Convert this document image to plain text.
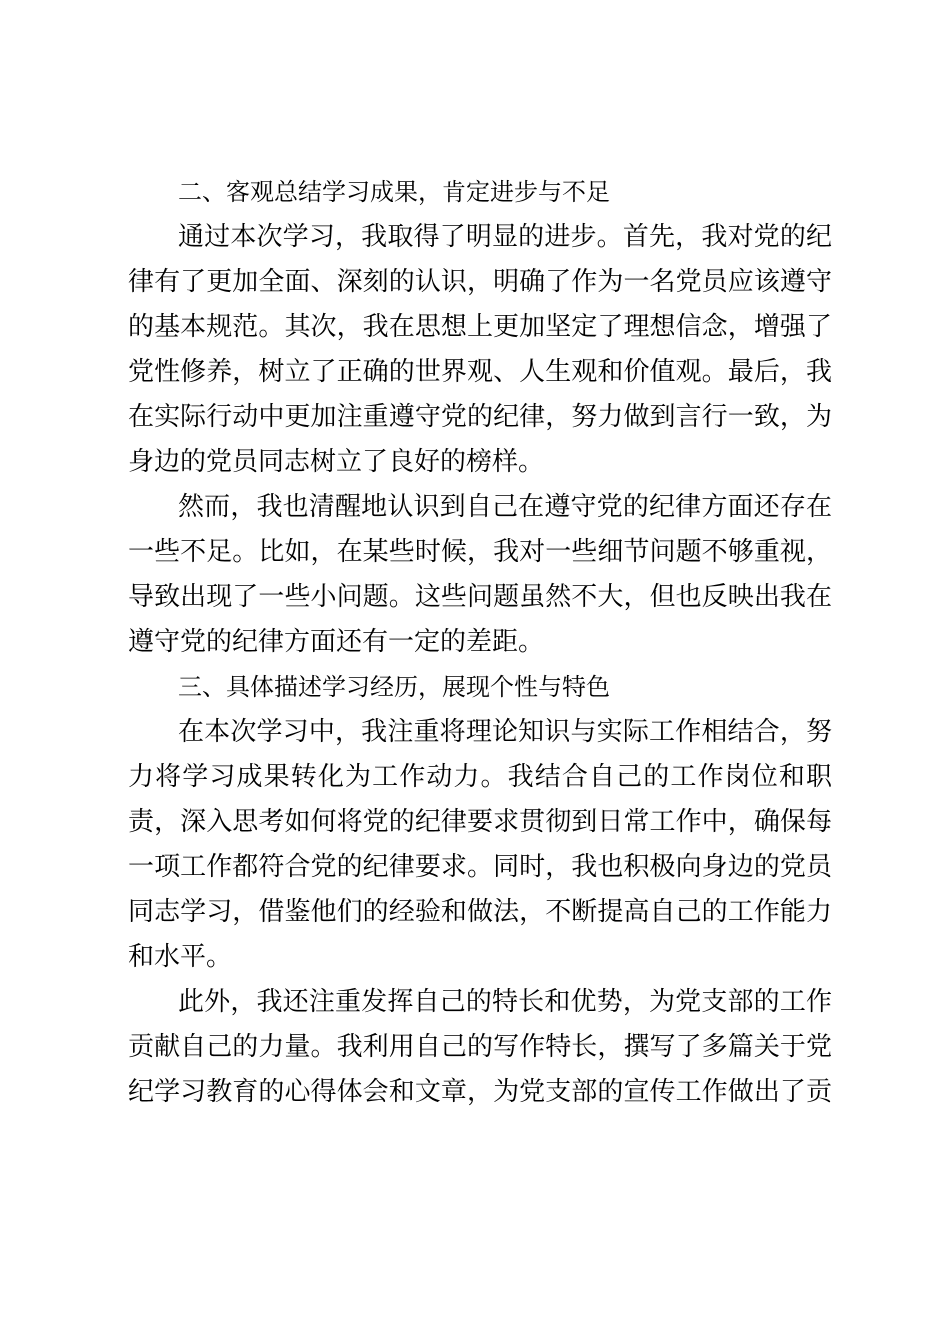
二、客观总结学习成果，肯定进步与不足
通过本次学习，我取得了明显的进步。首先，我对党的纪
律有了更加全面、深刻的认识，明确了作为一名党员应该遵守
的基本规范。其次，我在思想上更加坚定了理想信念，增强了
党性修养，树立了正确的世界观、人生观和价值观。最后，我
在实际行动中更加注重遵守党的纪律，努力做到言行一致，为
身边的党员同志树立了良好的榜样。
然而，我也清醒地认识到自己在遵守党的纪律方面还存在
一些不足。比如，在某些时候，我对一些细节问题不够重视，
导致出现了一些小问题。这些问题虽然不大，但也反映出我在
遵守党的纪律方面还有一定的差距。
三、具体描述学习经历，展现个性与特色
在本次学习中，我注重将理论知识与实际工作相结合，努
力将学习成果转化为工作动力。我结合自己的工作岗位和职
责，深入思考如何将党的纪律要求贯彻到日常工作中，确保每
一项工作都符合党的纪律要求。同时，我也积极向身边的党员
同志学习，借鉴他们的经验和做法，不断提高自己的工作能力
和水平。
此外，我还注重发挥自己的特长和优势，为党支部的工作
贡献自己的力量。我利用自己的写作特长，撰写了多篇关于党
纪学习教育的心得体会和文章，为党支部的宣传工作做出了贡
